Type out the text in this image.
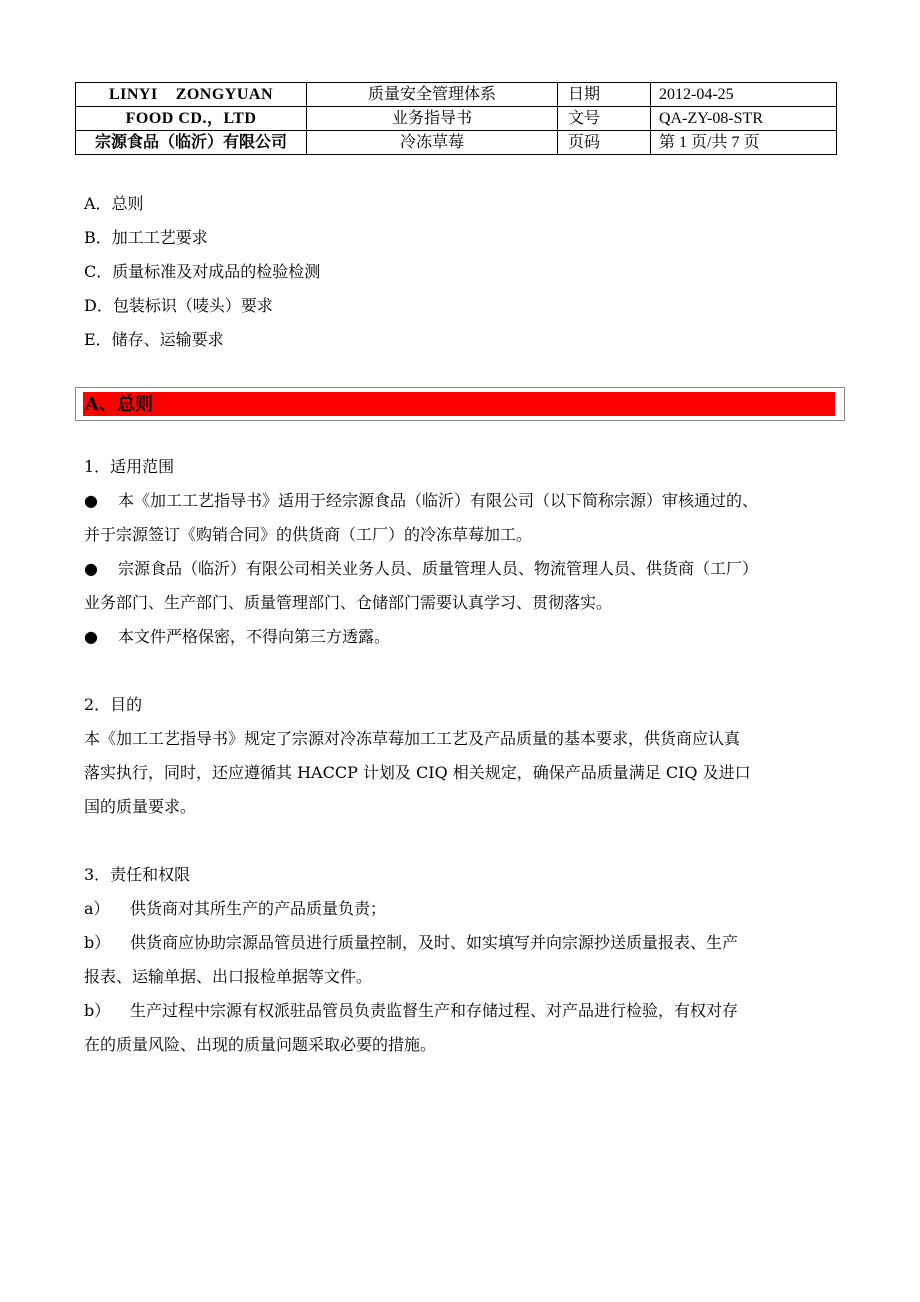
LINYI    ZONGYUAN	质量安全管理体系	日期	2012-04-25
FOOD CD.，LTD	业务指导书	文号	QA-ZY-08-STR
宗源食品（临沂）有限公司	冷冻草莓	页码	第 1 页/共 7 页
A．总则
B．加工工艺要求
C．质量标准及对成品的检验检测
D．包装标识（唛头）要求
E．储存、运输要求
A、总则

1．适用范围

● 本《加工工艺指导书》适用于经宗源食品（临沂）有限公司（以下简称宗源）审核通过的、

并于宗源签订《购销合同》的供货商（工厂）的冷冻草莓加工。

● 宗源食品（临沂）有限公司相关业务人员、质量管理人员、物流管理人员、供货商（工厂）

业务部门、生产部门、质量管理部门、仓储部门需要认真学习、贯彻落实。

● 本文件严格保密，不得向第三方透露。

2．目的

本《加工工艺指导书》规定了宗源对冷冻草莓加工工艺及产品质量的基本要求，供货商应认真

落实执行，同时，还应遵循其 HACCP 计划及 CIQ 相关规定，确保产品质量满足 CIQ 及进口

国的质量要求。

3．责任和权限

a） 供货商对其所生产的产品质量负责；

b） 供货商应协助宗源品管员进行质量控制，及时、如实填写并向宗源抄送质量报表、生产

报表、运输单据、出口报检单据等文件。

b） 生产过程中宗源有权派驻品管员负责监督生产和存储过程、对产品进行检验，有权对存

在的质量风险、出现的质量问题采取必要的措施。
